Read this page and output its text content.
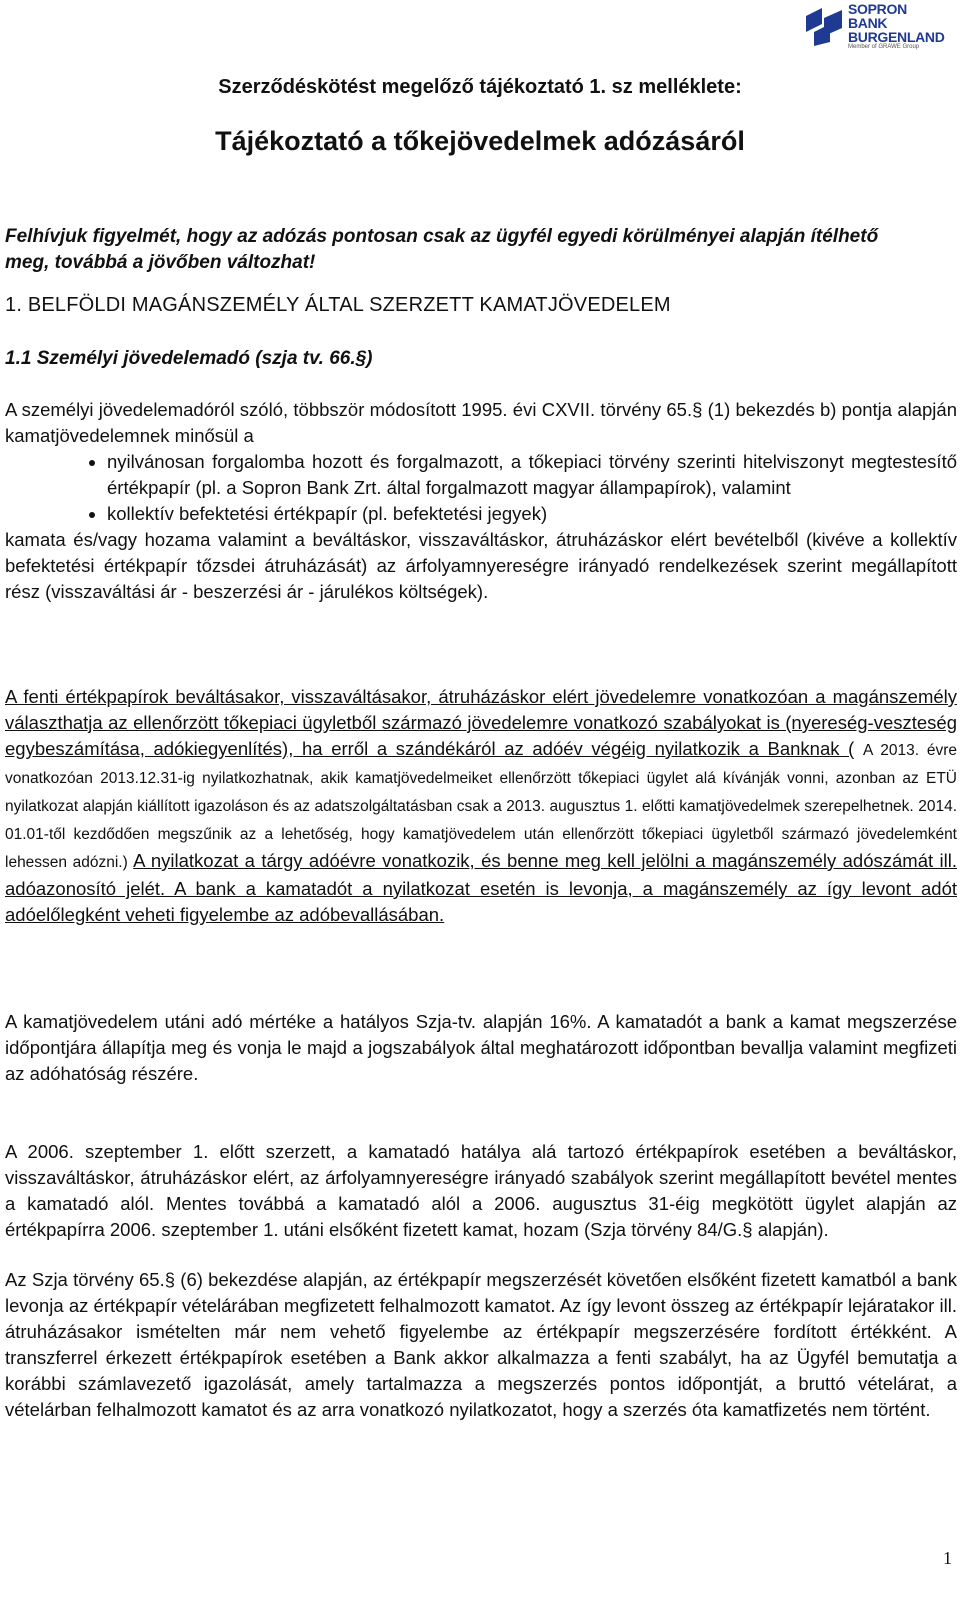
SOPRON
BANK
BURGENLAND
Member of GRAWE Group
Szerződéskötést megelőző tájékoztató 1. sz melléklete:
Tájékoztató a tőkejövedelmek adózásáról
Felhívjuk figyelmét, hogy az adózás pontosan csak az ügyfél egyedi körülményei alapján ítélhető meg, továbbá a jövőben változhat!
1. BELFÖLDI MAGÁNSZEMÉLY ÁLTAL SZERZETT KAMATJÖVEDELEM
1.1 Személyi jövedelemadó (szja tv. 66.§)
A személyi jövedelemadóról szóló, többször módosított 1995. évi CXVII. törvény 65.§ (1) bekezdés b) pontja alapján kamatjövedelemnek minősül a
• nyilvánosan forgalomba hozott és forgalmazott, a tőkepiaci törvény szerinti hitelviszonyt megtestesítő értékpapír (pl. a Sopron Bank Zrt. által forgalmazott magyar állampapírok), valamint
• kollektív befektetési értékpapír (pl. befektetési jegyek)
kamata és/vagy hozama valamint a beváltáskor, visszaváltáskor, átruházáskor elért bevételből (kivéve a kollektív befektetési értékpapír tőzsdei átruházását) az árfolyamnyereségre irányadó rendelkezések szerint megállapított rész (visszaváltási ár - beszerzési ár - járulékos költségek).
A fenti értékpapírok beváltásakor, visszaváltásakor, átruházáskor elért jövedelemre vonatkozóan a magánszemély választhatja az ellenőrzött tőkepiaci ügyletből származó jövedelemre vonatkozó szabályokat is (nyereség-veszteség egybeszámítása, adókiegyenlítés), ha erről a szándékáról az adóév végéig nyilatkozik a Banknak ( A 2013. évre vonatkozóan 2013.12.31-ig nyilatkozhatnak, akik kamatjövedelmeiket ellenőrzött tőkepiaci ügylet alá kívánják vonni, azonban az ETÜ nyilatkozat alapján kiállított igazoláson és az adatszolgáltatásban csak a 2013. augusztus 1. előtti kamatjövedelmek szerepelhetnek. 2014. 01.01-től kezdődően megszűnik az a lehetőség, hogy kamatjövedelem után ellenőrzött tőkepiaci ügyletből származó jövedelemként lehessen adózni.) A nyilatkozat a tárgy adóévre vonatkozik, és benne meg kell jelölni a magánszemély adószámát ill. adóazonosító jelét. A bank a kamatadót a nyilatkozat esetén is levonja, a magánszemély az így levont adót adóelőlegként veheti figyelembe az adóbevallásában.
A kamatjövedelem utáni adó mértéke a hatályos Szja-tv. alapján 16%. A kamatadót a bank a kamat megszerzése időpontjára állapítja meg és vonja le majd a jogszabályok által meghatározott időpontban bevallja valamint megfizeti az adóhatóság részére.
A 2006. szeptember 1. előtt szerzett, a kamatadó hatálya alá tartozó értékpapírok esetében a beváltáskor, visszaváltáskor, átruházáskor elért, az árfolyamnyereségre irányadó szabályok szerint megállapított bevétel mentes a kamatadó alól. Mentes továbbá a kamatadó alól a 2006. augusztus 31-éig megkötött ügylet alapján az értékpapírra 2006. szeptember 1. utáni elsőként fizetett kamat, hozam (Szja törvény 84/G.§ alapján).
Az Szja törvény 65.§ (6) bekezdése alapján, az értékpapír megszerzését követően elsőként fizetett kamatból a bank levonja az értékpapír vételárában megfizetett felhalmozott kamatot. Az így levont összeg az értékpapír lejáratakor ill. átruházásakor ismételten már nem vehető figyelembe az értékpapír megszerzésére fordított értékként. A transzferrel érkezett értékpapírok esetében a Bank akkor alkalmazza a fenti szabályt, ha az Ügyfél bemutatja a korábbi számlavezető igazolását, amely tartalmazza a megszerzés pontos időpontját, a bruttó vételárat, a vételárban felhalmozott kamatot és az arra vonatkozó nyilatkozatot, hogy a szerzés óta kamatfizetés nem történt.
1
